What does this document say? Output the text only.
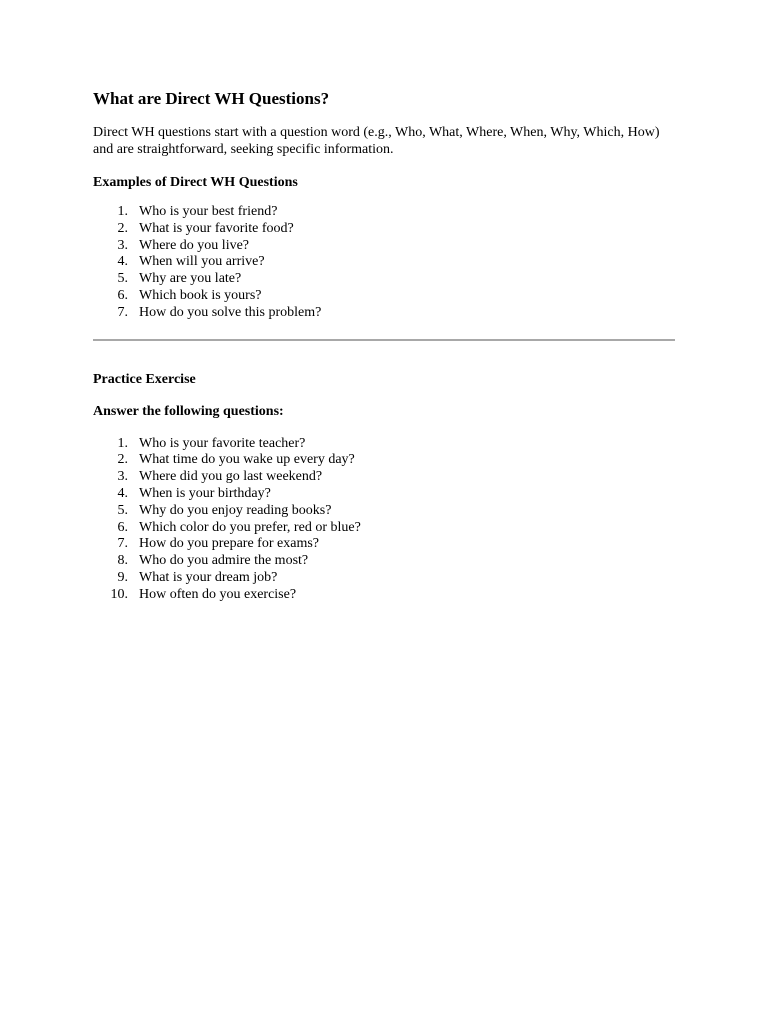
What are Direct WH Questions?

Direct WH questions start with a question word (e.g., Who, What, Where, When, Why, Which, How) and are straightforward, seeking specific information.

Examples of Direct WH Questions
1. Who is your best friend?
2. What is your favorite food?
3. Where do you live?
4. When will you arrive?
5. Why are you late?
6. Which book is yours?
7. How do you solve this problem?
Practice Exercise

Answer the following questions:

1. Who is your favorite teacher?
2. What time do you wake up every day?
3. Where did you go last weekend?
4. When is your birthday?
5. Why do you enjoy reading books?
6. Which color do you prefer, red or blue?
7. How do you prepare for exams?
8. Who do you admire the most?
9. What is your dream job?
10. How often do you exercise?
